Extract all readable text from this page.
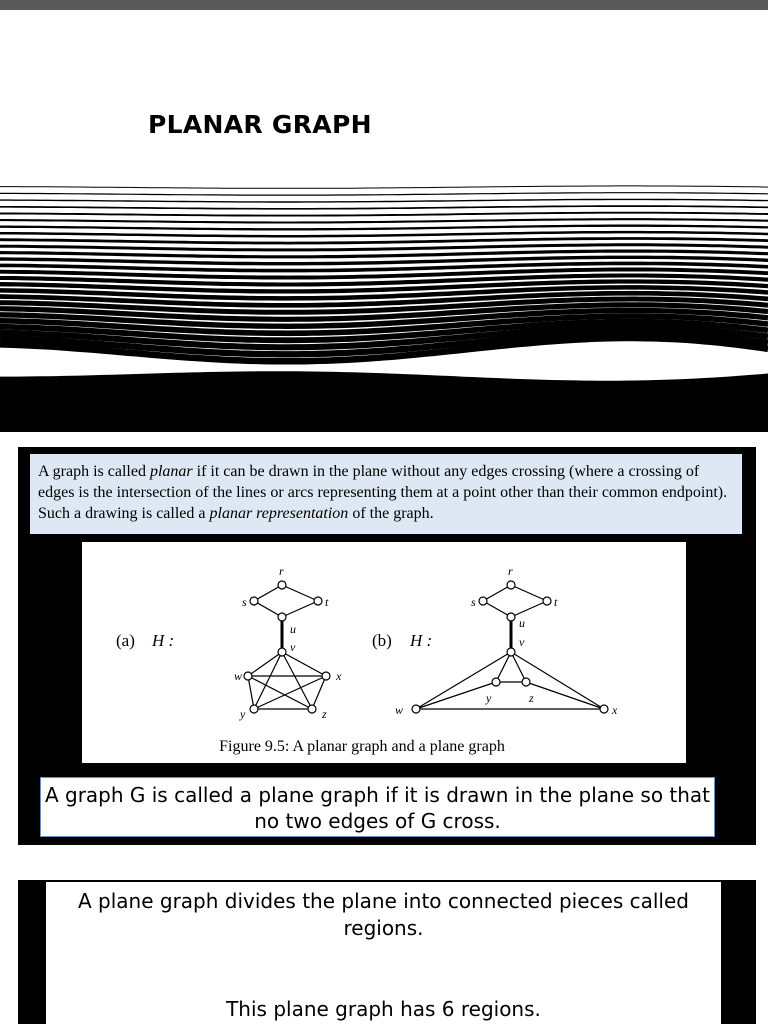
PLANAR GRAPH
A graph is called planar if it can be drawn in the plane without any edges crossing (where a crossing of edges is the intersection of the lines or arcs representing them at a point other than their common endpoint). Such a drawing is called a planar representation of the graph.
(a) H :	(b) H :
r
s	t
u
v
w	x
y	z
r
s	t
u
v
w	x
y	z
Figure 9.5: A planar graph and a plane graph
A graph G is called a plane graph if it is drawn in the plane so that no two edges of G cross.
A plane graph divides the plane into connected pieces called regions.
This plane graph has 6 regions.
